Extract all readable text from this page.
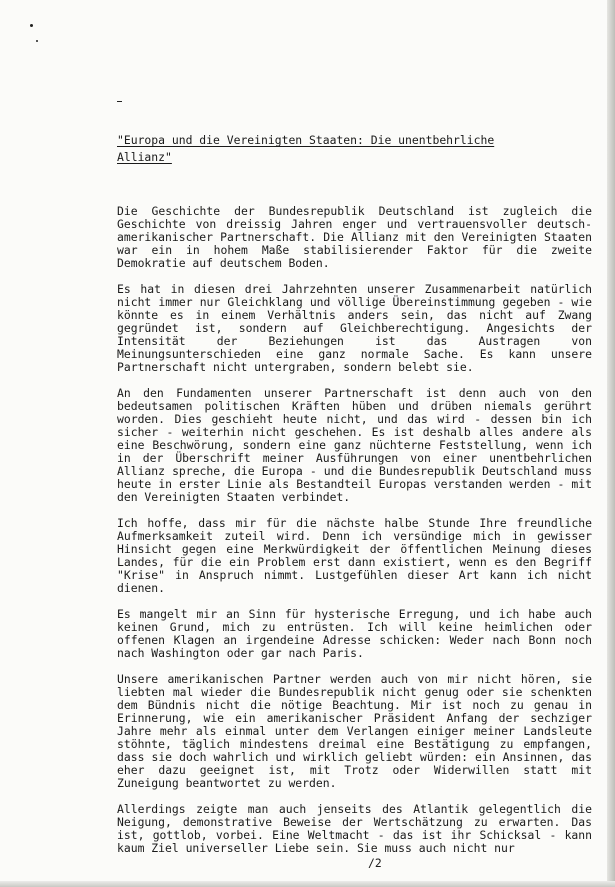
"Europa und die Vereinigten Staaten: Die unentbehrliche Allianz"

Die Geschichte der Bundesrepublik Deutschland ist zugleich die Geschichte von dreissig Jahren enger und vertrauensvoller deutsch-amerikanischer Partnerschaft. Die Allianz mit den Vereinigten Staaten war ein in hohem Maße stabilisierender Faktor für die zweite Demokratie auf deutschem Boden.

Es hat in diesen drei Jahrzehnten unserer Zusammenarbeit natürlich nicht immer nur Gleichklang und völlige Übereinstimmung gegeben - wie könnte es in einem Verhältnis anders sein, das nicht auf Zwang gegründet ist, sondern auf Gleichberechtigung. Angesichts der Intensität der Beziehungen ist das Austragen von Meinungsunterschieden eine ganz normale Sache. Es kann unsere Partnerschaft nicht untergraben, sondern belebt sie.

An den Fundamenten unserer Partnerschaft ist denn auch von den bedeutsamen politischen Kräften hüben und drüben niemals gerührt worden. Dies geschieht heute nicht, und das wird - dessen bin ich sicher - weiterhin nicht geschehen. Es ist deshalb alles andere als eine Beschwörung, sondern eine ganz nüchterne Feststellung, wenn ich in der Überschrift meiner Ausführungen von einer unentbehrlichen Allianz spreche, die Europa - und die Bundesrepublik Deutschland muss heute in erster Linie als Bestandteil Europas verstanden werden - mit den Vereinigten Staaten verbindet.

Ich hoffe, dass mir für die nächste halbe Stunde Ihre freundliche Aufmerksamkeit zuteil wird. Denn ich versündige mich in gewisser Hinsicht gegen eine Merkwürdigkeit der öffentlichen Meinung dieses Landes, für die ein Problem erst dann existiert, wenn es den Begriff "Krise" in Anspruch nimmt. Lustgefühlen dieser Art kann ich nicht dienen.

Es mangelt mir an Sinn für hysterische Erregung, und ich habe auch keinen Grund, mich zu entrüsten. Ich will keine heimlichen oder offenen Klagen an irgendeine Adresse schicken: Weder nach Bonn noch nach Washington oder gar nach Paris.

Unsere amerikanischen Partner werden auch von mir nicht hören, sie liebten mal wieder die Bundesrepublik nicht genug oder sie schenkten dem Bündnis nicht die nötige Beachtung. Mir ist noch zu genau in Erinnerung, wie ein amerikanischer Präsident Anfang der sechziger Jahre mehr als einmal unter dem Verlangen einiger meiner Landsleute stöhnte, täglich mindestens dreimal eine Bestätigung zu empfangen, dass sie doch wahrlich und wirklich geliebt würden: ein Ansinnen, das eher dazu geeignet ist, mit Trotz oder Widerwillen statt mit Zuneigung beantwortet zu werden.

Allerdings zeigte man auch jenseits des Atlantik gelegentlich die Neigung, demonstrative Beweise der Wertschätzung zu erwarten. Das ist, gottlob, vorbei. Eine Weltmacht - das ist ihr Schicksal - kann kaum Ziel universeller Liebe sein. Sie muss auch nicht nur

/2
